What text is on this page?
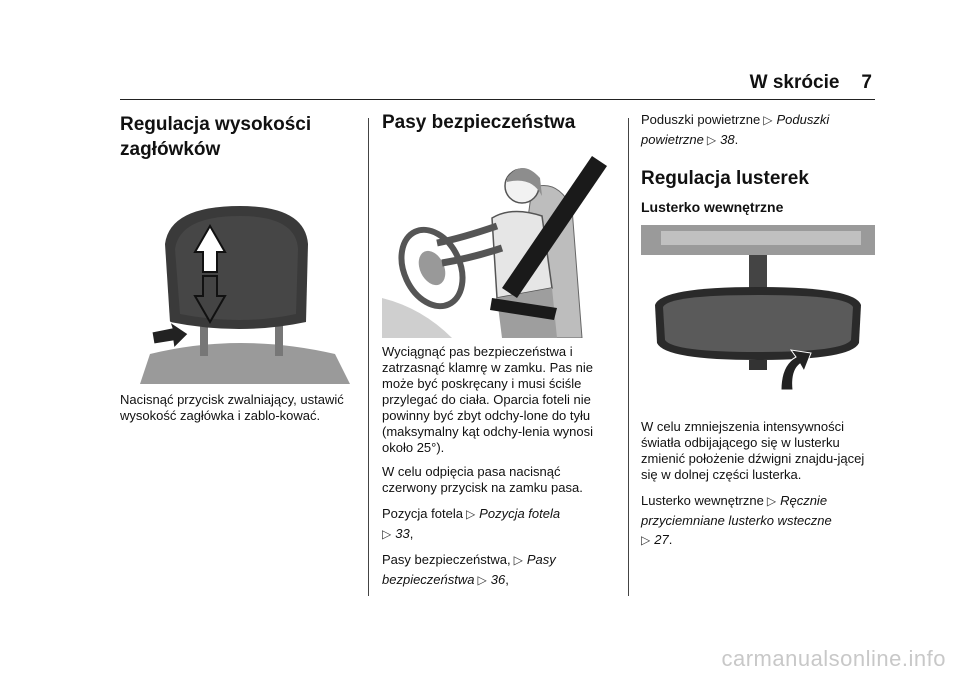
W skrócie 7
Regulacja wysokości zagłówków

Nacisnąć przycisk zwalniający, ustawić wysokość zagłówka i zablo-kować.

Pasy bezpieczeństwa

Wyciągnąć pas bezpieczeństwa i zatrzasnąć klamrę w zamku. Pas nie może być poskręcany i musi ściśle przylegać do ciała. Oparcia foteli nie powinny być zbyt odchy-lone do tyłu (maksymalny kąt odchy-lenia wynosi około 25°).

W celu odpięcia pasa nacisnąć czerwony przycisk na zamku pasa.

Pozycja fotela ▷ Pozycja fotela
▷ 33,
Pasy bezpieczeństwa, ▷ Pasy bezpieczeństwa ▷ 36,
Poduszki powietrzne ▷ Poduszki powietrzne ▷ 38.
Regulacja lusterek
Lusterko wewnętrzne

W celu zmniejszenia intensywności światła odbijającego się w lusterku zmienić położenie dźwigni znajdu-jącej się w dolnej części lusterka.

Lusterko wewnętrzne ▷ Ręcznie przyciemniane lusterko wsteczne
▷ 27.
carmanualsonline.info
